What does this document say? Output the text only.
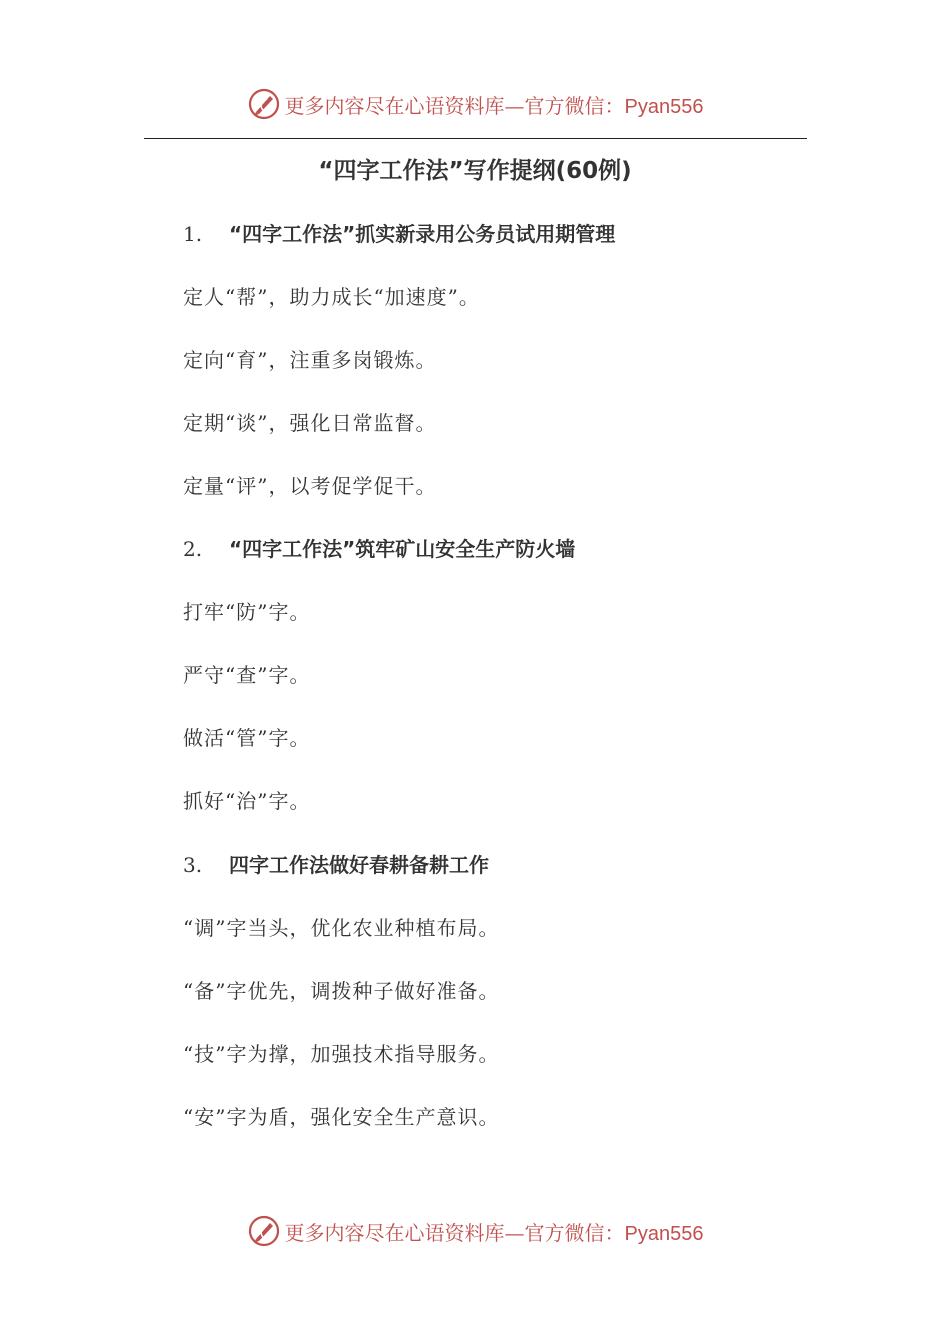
更多内容尽在心语资料库—官方微信：Pyan556
“四字工作法”写作提纲(60例)
1. “四字工作法”抓实新录用公务员试用期管理
定人“帮”，助力成长“加速度”。
定向“育”，注重多岗锻炼。
定期“谈”，强化日常监督。
定量“评”，以考促学促干。
2. “四字工作法”筑牢矿山安全生产防火墙
打牢“防”字。
严守“查”字。
做活“管”字。
抓好“治”字。
3. 四字工作法做好春耕备耕工作
“调”字当头，优化农业种植布局。
“备”字优先，调拨种子做好准备。
“技”字为撑，加强技术指导服务。
“安”字为盾，强化安全生产意识。
更多内容尽在心语资料库—官方微信：Pyan556
